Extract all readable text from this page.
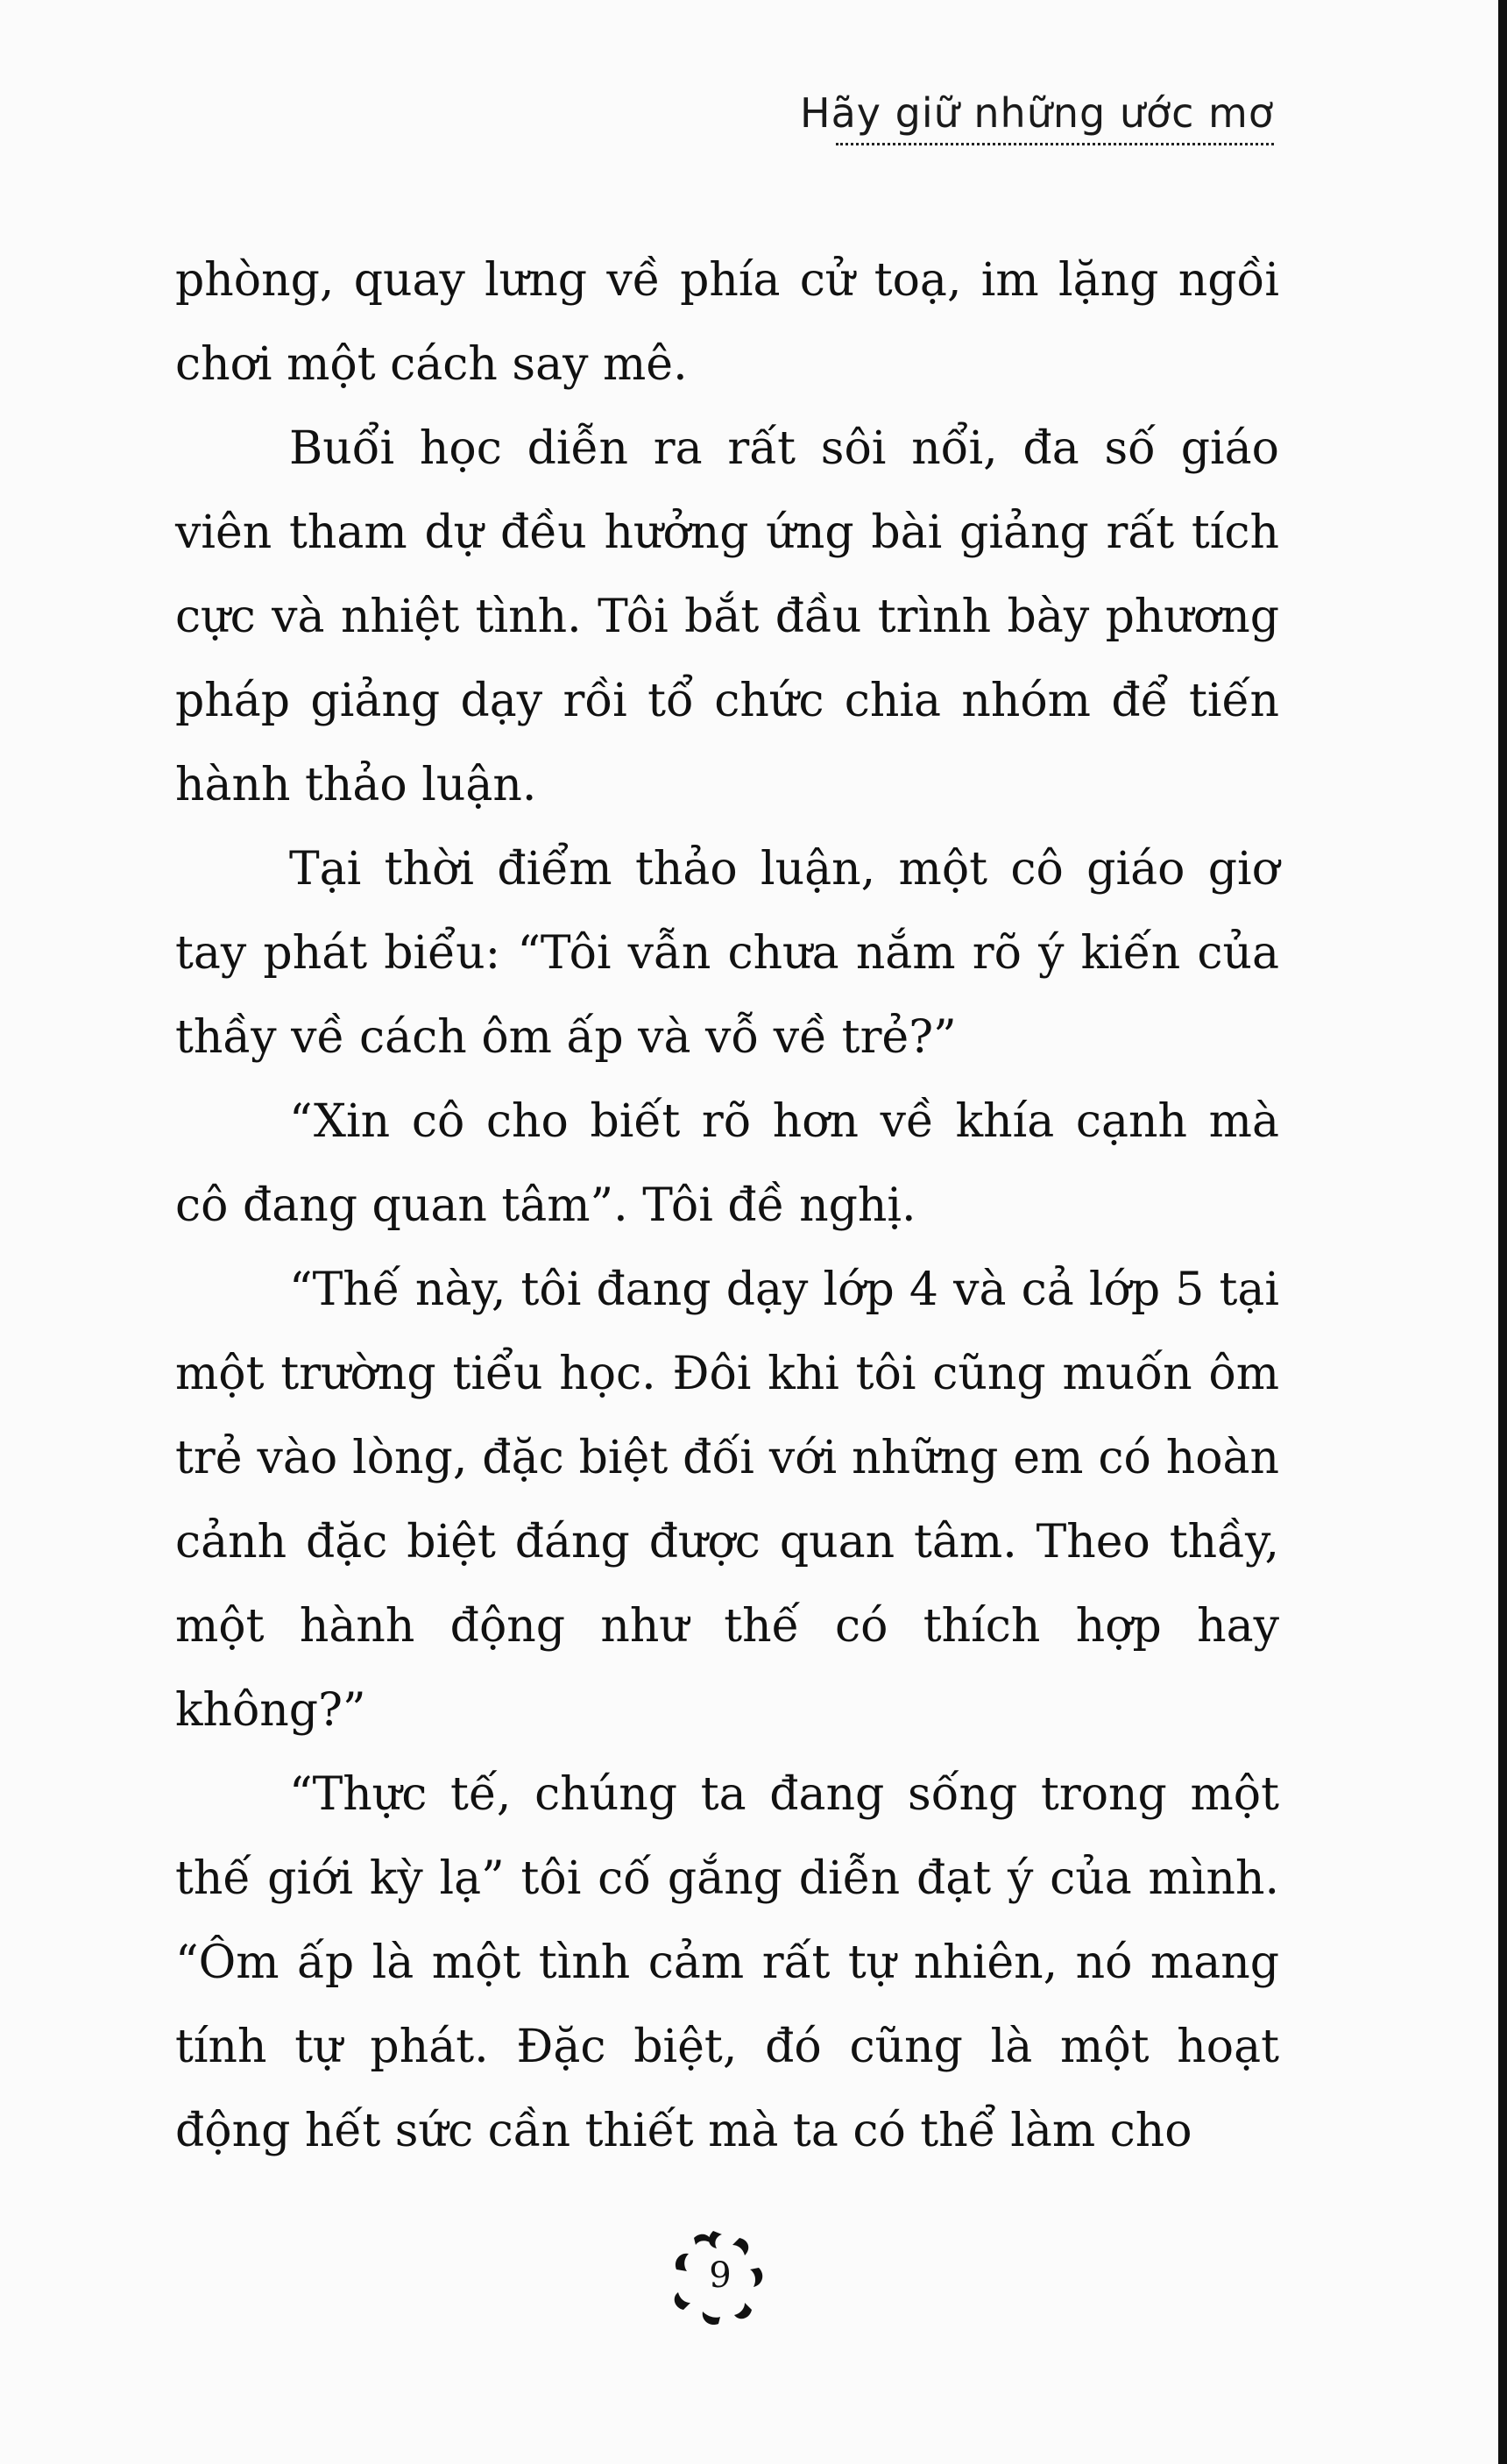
Hãy giữ những ước mơ

phòng, quay lưng về phía cử toạ, im lặng ngồi chơi một cách say mê.

Buổi học diễn ra rất sôi nổi, đa số giáo viên tham dự đều hưởng ứng bài giảng rất tích cực và nhiệt tình. Tôi bắt đầu trình bày phương pháp giảng dạy rồi tổ chức chia nhóm để tiến hành thảo luận.

Tại thời điểm thảo luận, một cô giáo giơ tay phát biểu: “Tôi vẫn chưa nắm rõ ý kiến của thầy về cách ôm ấp và vỗ về trẻ?”

“Xin cô cho biết rõ hơn về khía cạnh mà cô đang quan tâm”. Tôi đề nghị.

“Thế này, tôi đang dạy lớp 4 và cả lớp 5 tại một trường tiểu học. Đôi khi tôi cũng muốn ôm trẻ vào lòng, đặc biệt đối với những em có hoàn cảnh đặc biệt đáng được quan tâm. Theo thầy, một hành động như thế có thích hợp hay không?”

“Thực tế, chúng ta đang sống trong một thế giới kỳ lạ” tôi cố gắng diễn đạt ý của mình. “Ôm ấp là một tình cảm rất tự nhiên, nó mang tính tự phát. Đặc biệt, đó cũng là một hoạt động hết sức cần thiết mà ta có thể làm cho

9
